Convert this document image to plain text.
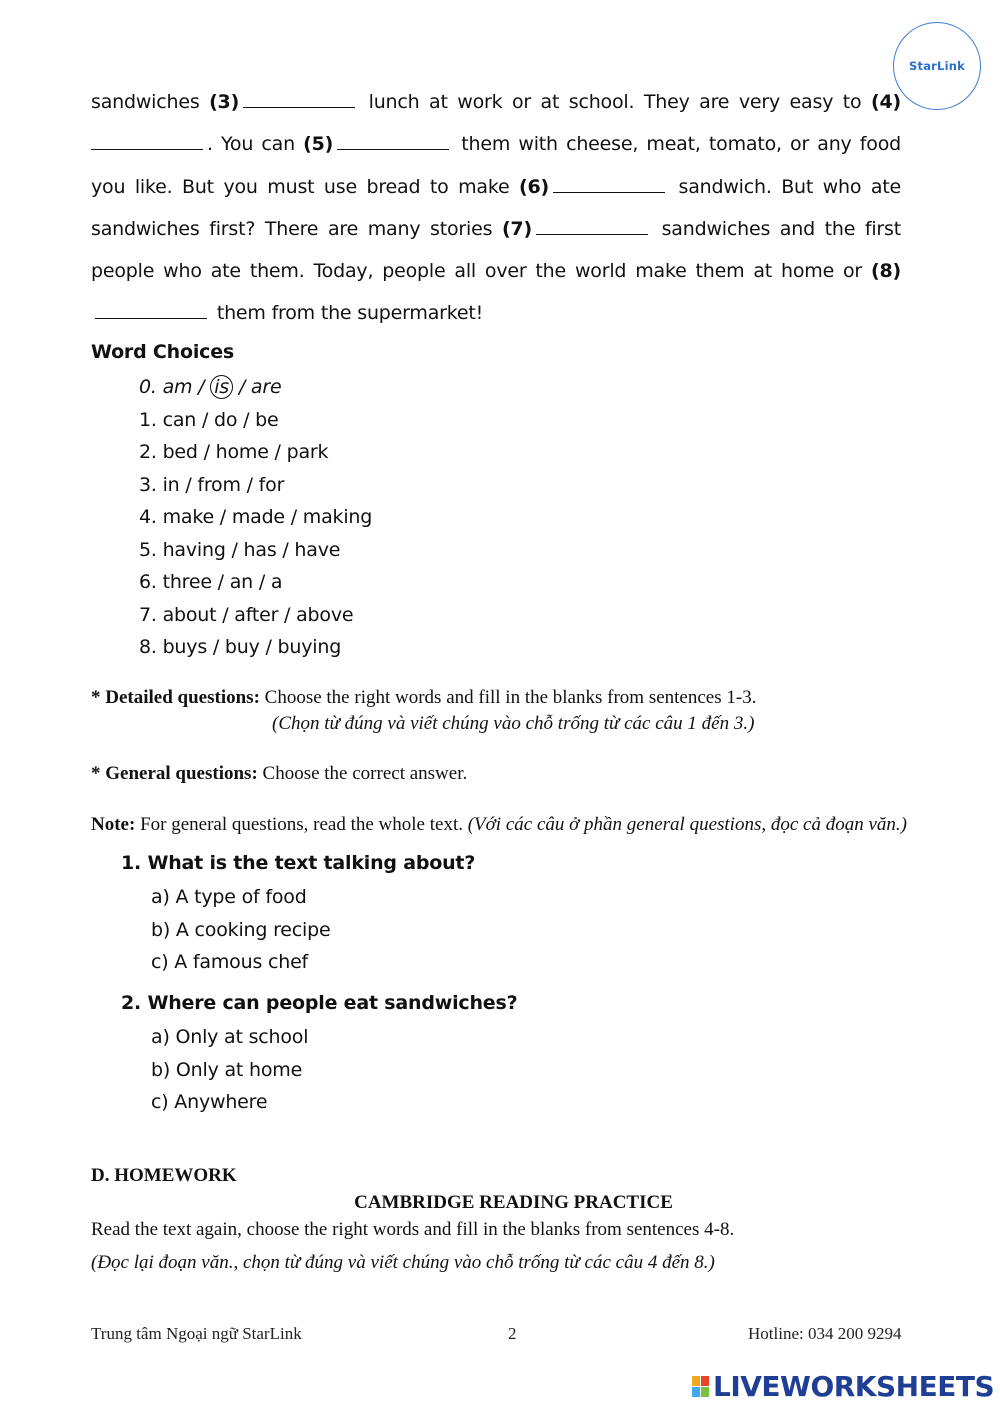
StarLink
sandwiches (3)	lunch at work or at school. They are very easy to (4) . You can (5)	them with cheese, meat, tomato, or any food you like. But you must use bread to make (6)	sandwich. But who ate sandwiches first? There are many stories (7)	sandwiches and the first people who ate them. Today, people all over the world make them at home or (8) them from the supermarket!
Word Choices
0. am / is / are
1. can / do / be
2. bed / home / park
3. in / from / for
4. make / made / making
5. having / has / have
6. three / an / a
7. about / after / above
8. buys / buy / buying
* Detailed questions: Choose the right words and fill in the blanks from sentences 1-3.
(Chọn từ đúng và viết chúng vào chỗ trống từ các câu 1 đến 3.)
* General questions: Choose the correct answer.
Note: For general questions, read the whole text. (Với các câu ở phần general questions, đọc cả đoạn văn.)
1. What is the text talking about?
a) A type of food
b) A cooking recipe
c) A famous chef
2. Where can people eat sandwiches?
a) Only at school
b) Only at home
c) Anywhere
D. HOMEWORK
CAMBRIDGE READING PRACTICE
Read the text again, choose the right words and fill in the blanks from sentences 4-8.
(Đọc lại đoạn văn., chọn từ đúng và viết chúng vào chỗ trống từ các câu 4 đến 8.)
Trung tâm Ngoại ngữ StarLink	2	Hotline: 034 200 9294
LIVEWORKSHEETS
